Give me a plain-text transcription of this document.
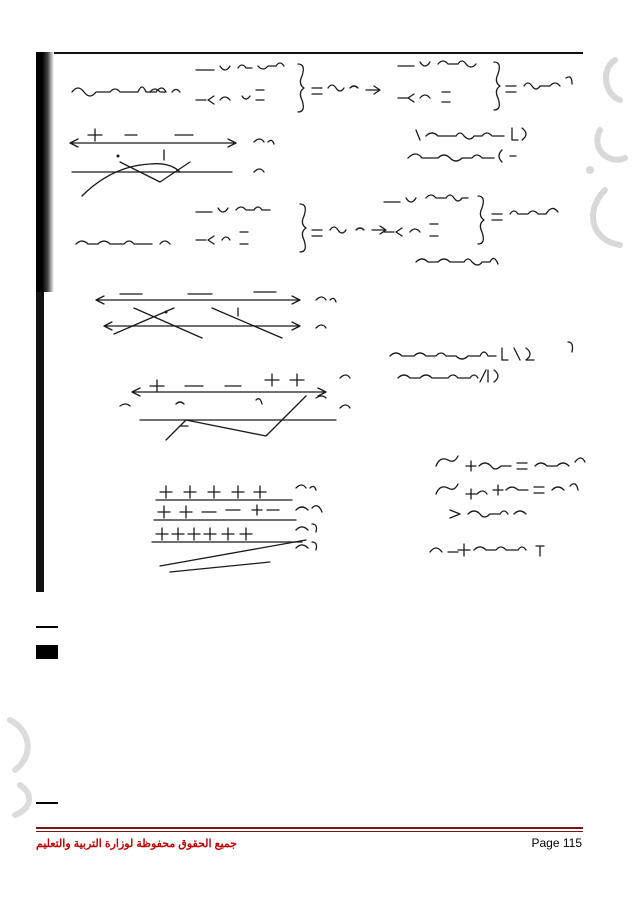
جميع الحقوق محفوظة لوزارة التربية والتعليم	Page 115
